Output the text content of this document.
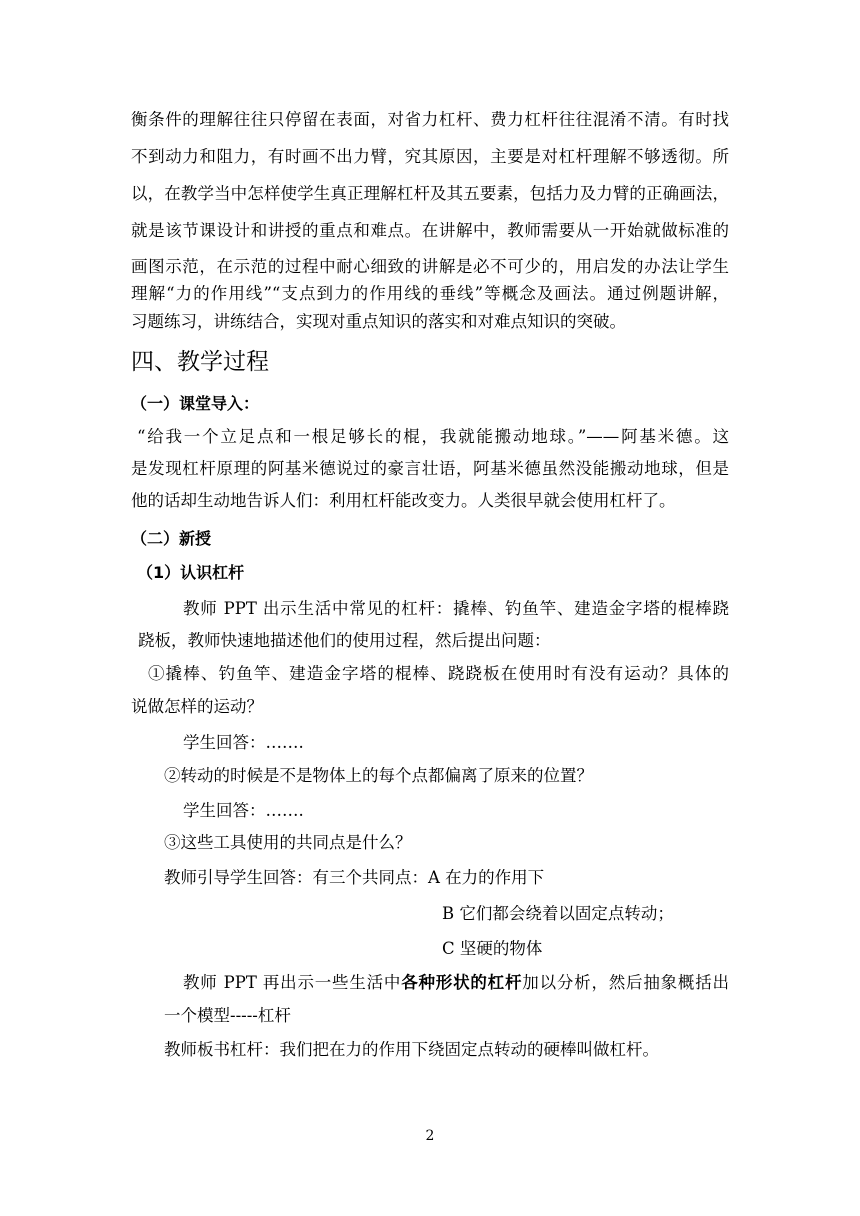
衡条件的理解往往只停留在表面，对省力杠杆、费力杠杆往往混淆不清。有时找
不到动力和阻力，有时画不出力臂，究其原因，主要是对杠杆理解不够透彻。所
以，在教学当中怎样使学生真正理解杠杆及其五要素，包括力及力臂的正确画法，
就是该节课设计和讲授的重点和难点。在讲解中，教师需要从一开始就做标准的
画图示范，在示范的过程中耐心细致的讲解是必不可少的，用启发的办法让学生
理解“力的作用线”“支点到力的作用线的垂线”等概念及画法。通过例题讲解，
习题练习，讲练结合，实现对重点知识的落实和对难点知识的突破。
四、教学过程
（一）课堂导入：
“给我一个立足点和一根足够长的棍，我就能搬动地球。”——阿基米德。这
是发现杠杆原理的阿基米德说过的豪言壮语，阿基米德虽然没能搬动地球，但是
他的话却生动地告诉人们：利用杠杆能改变力。人类很早就会使用杠杆了。
（二）新授
（1）认识杠杆
教师 PPT 出示生活中常见的杠杆：撬棒、钓鱼竿、建造金字塔的棍棒跷
跷板，教师快速地描述他们的使用过程，然后提出问题：
①撬棒、钓鱼竿、建造金字塔的棍棒、跷跷板在使用时有没有运动？具体的
说做怎样的运动？
学生回答：…….
②转动的时候是不是物体上的每个点都偏离了原来的位置？
学生回答：…….
③这些工具使用的共同点是什么？
教师引导学生回答：有三个共同点：A 在力的作用下
B 它们都会绕着以固定点转动；
C 坚硬的物体
教师 PPT 再出示一些生活中各种形状的杠杆加以分析，然后抽象概括出
一个模型-----杠杆
教师板书杠杆：我们把在力的作用下绕固定点转动的硬棒叫做杠杆。
2
